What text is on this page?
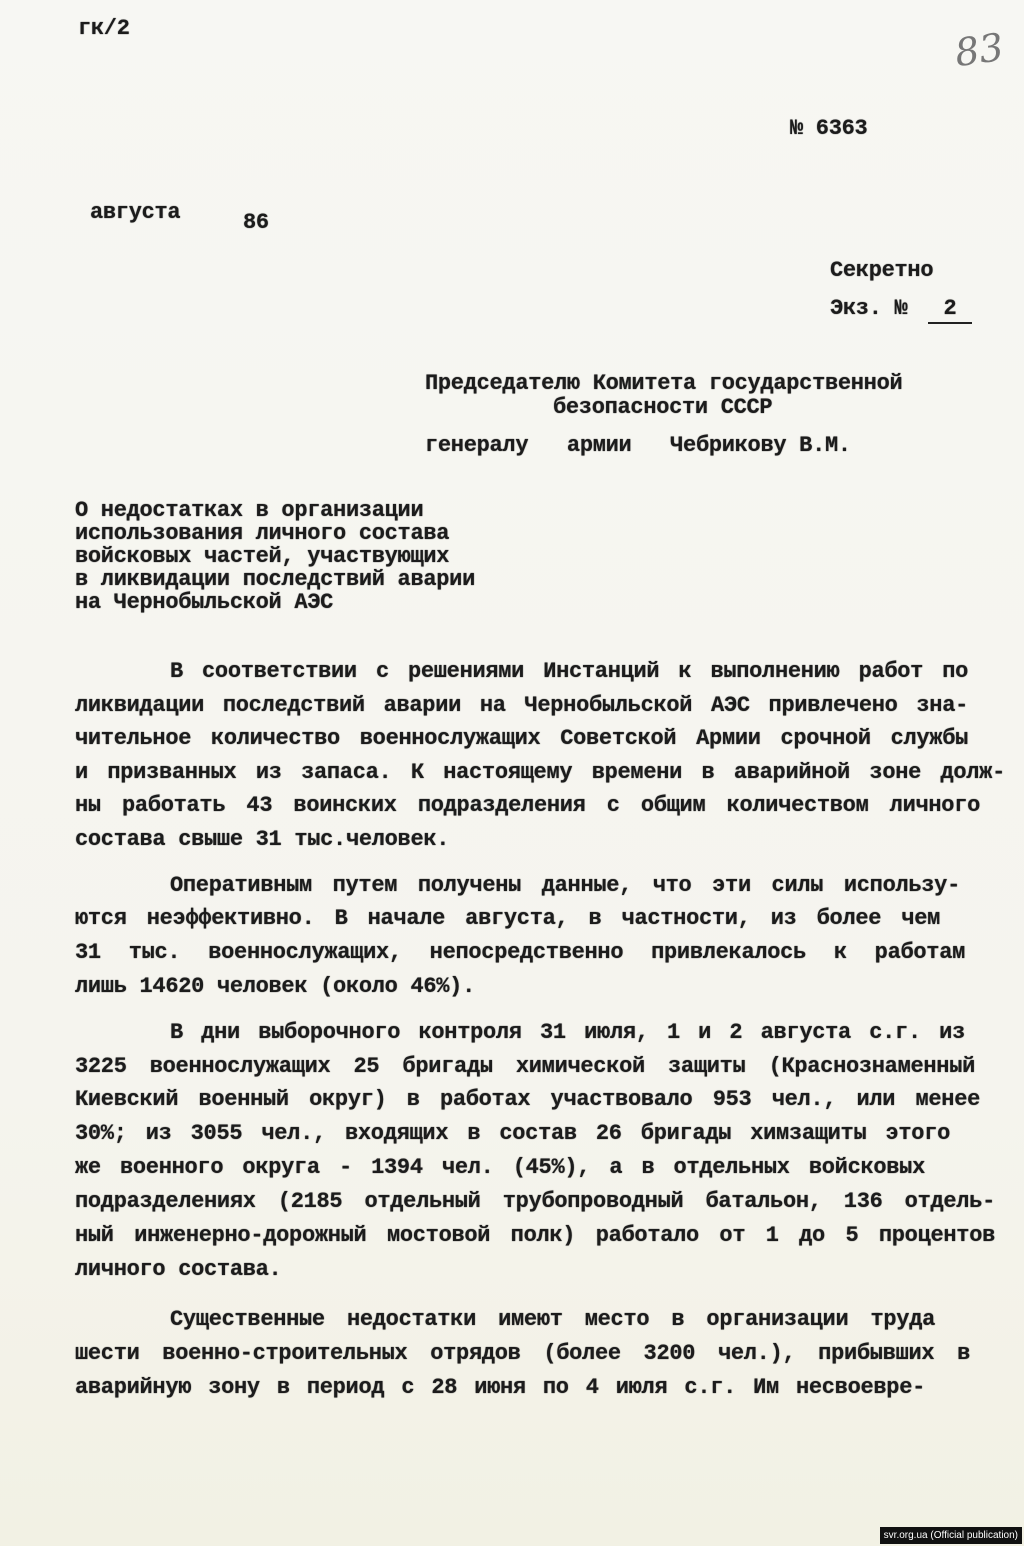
гк/2	83
№ 6363
августа	86
Секретно
Экз. №	2
Председателю Комитета государственной
безопасности СССР
генералу   армии   Чебрикову В.М.
О недостатках в организации
использования личного состава
войсковых частей, участвующих
в ликвидации последствий аварии
на Чернобыльской АЭС
В соответствии с решениями Инстанций к выполнению работ по
ликвидации последствий аварии на Чернобыльской АЭС привлечено зна-
чительное количество военнослужащих Советской Армии срочной службы
и призванных из запаса. К настоящему времени в аварийной зоне долж-
ны работать 43 воинских подразделения с общим количеством личного
состава свыше 31 тыс.человек.
Оперативным путем получены данные, что эти силы использу-
ются неэффективно. В начале августа, в частности, из более чем
31 тыс. военнослужащих, непосредственно привлекалось к работам
лишь 14620 человек (около 46%).
В дни выборочного контроля 31 июля, 1 и 2 августа с.г. из
3225 военнослужащих 25 бригады химической защиты (Краснознаменный
Киевский военный округ) в работах участвовало 953 чел., или менее
30%; из 3055 чел., входящих в состав 26 бригады химзащиты этого
же военного округа - 1394 чел. (45%), а в отдельных войсковых
подразделениях (2185 отдельный трубопроводный батальон, 136 отдель-
ный инженерно-дорожный мостовой полк) работало от 1 до 5 процентов
личного состава.
Существенные недостатки имеют место в организации труда
шести военно-строительных отрядов (более 3200 чел.), прибывших в
аварийную зону в период с 28 июня по 4 июля с.г. Им несвоевре-
svr.org.ua (Official publication)
